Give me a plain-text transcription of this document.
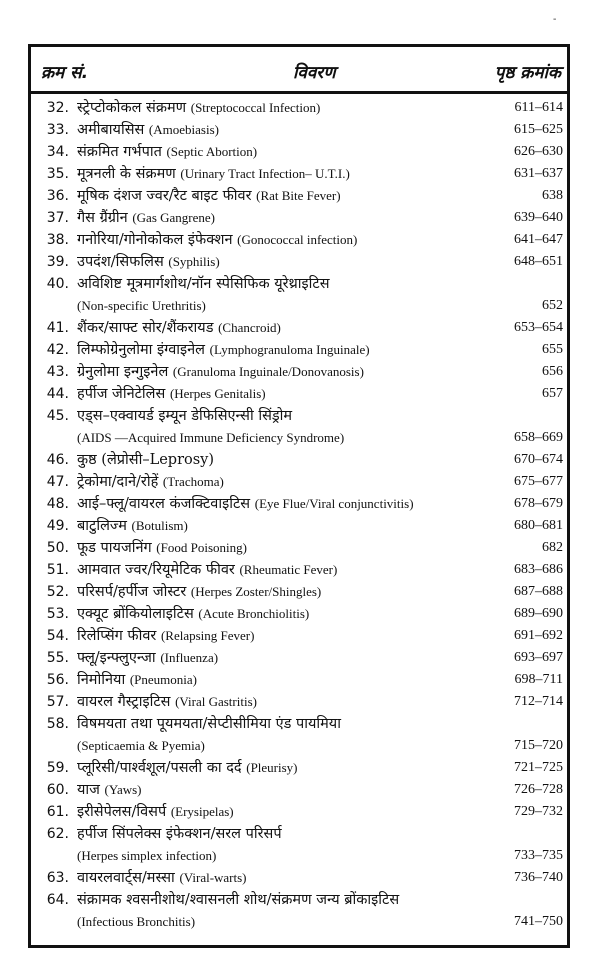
-
क्रम सं.	विवरण	पृष्ठ क्रमांक
32. स्ट्रेप्टोकोकल संक्रमण (Streptococcal Infection)	611–614
33. अमीबायसिस (Amoebiasis)	615–625
34. संक्रमित गर्भपात (Septic Abortion)	626–630
35. मूत्रनली के संक्रमण (Urinary Tract Infection– U.T.I.)	631–637
36. मूषिक दंशज ज्वर/रैट बाइट फीवर (Rat Bite Fever)	638
37. गैस ग्रैंग्रीन (Gas Gangrene)	639–640
38. गनोरिया/गोनोकोकल इंफेक्शन (Gonococcal infection)	641–647
39. उपदंश/सिफलिस (Syphilis)	648–651
40. अविशिष्ट मूत्रमार्गशोथ/नॉन स्पेसिफिक यूरेथ्राइटिस
(Non-specific Urethritis)	652
41. शैंकर/साफ्ट सोर/शैंकरायड (Chancroid)	653–654
42. लिम्फोग्रेनुलोमा इंग्वाइनेल (Lymphogranuloma Inguinale)	655
43. ग्रेनुलोमा इन्गुइनेल (Granuloma Inguinale/Donovanosis)	656
44. हर्पीज जेनिटेलिस (Herpes Genitalis)	657
45. एड्स–एक्वायर्ड इम्यून डेफिसिएन्सी सिंड्रोम
(AIDS —Acquired Immune Deficiency Syndrome)	658–669
46. कुष्ठ (लेप्रोसी–Leprosy)	670–674
47. ट्रेकोमा/दाने/रोहें (Trachoma)	675–677
48. आई–फ्लू/वायरल कंजक्टिवाइटिस (Eye Flue/Viral conjunctivitis)	678–679
49. बाटुलिज्म (Botulism)	680–681
50. फूड पायजनिंग (Food Poisoning)	682
51. आमवात ज्वर/रियूमेटिक फीवर (Rheumatic Fever)	683–686
52. परिसर्प/हर्पीज जोस्टर (Herpes Zoster/Shingles)	687–688
53. एक्यूट ब्रोंकियोलाइटिस (Acute Bronchiolitis)	689–690
54. रिलेप्सिंग फीवर (Relapsing Fever)	691–692
55. फ्लू/इन्फ्लुएन्जा (Influenza)	693–697
56. निमोनिया (Pneumonia)	698–711
57. वायरल गैस्ट्राइटिस (Viral Gastritis)	712–714
58. विषमयता तथा पूयमयता/सेप्टीसीमिया एंड पायमिया
(Septicaemia & Pyemia)	715–720
59. प्लूरिसी/पार्श्वशूल/पसली का दर्द (Pleurisy)	721–725
60. याज (Yaws)	726–728
61. इरीसेपेलस/विसर्प (Erysipelas)	729–732
62. हर्पीज सिंपलेक्स इंफेक्शन/सरल परिसर्प
(Herpes simplex infection)	733–735
63. वायरलवार्ट्स/मस्सा (Viral-warts)	736–740
64. संक्रामक श्वसनीशोथ/श्वासनली शोथ/संक्रमण जन्य ब्रोंकाइटिस
(Infectious Bronchitis)	741–750
